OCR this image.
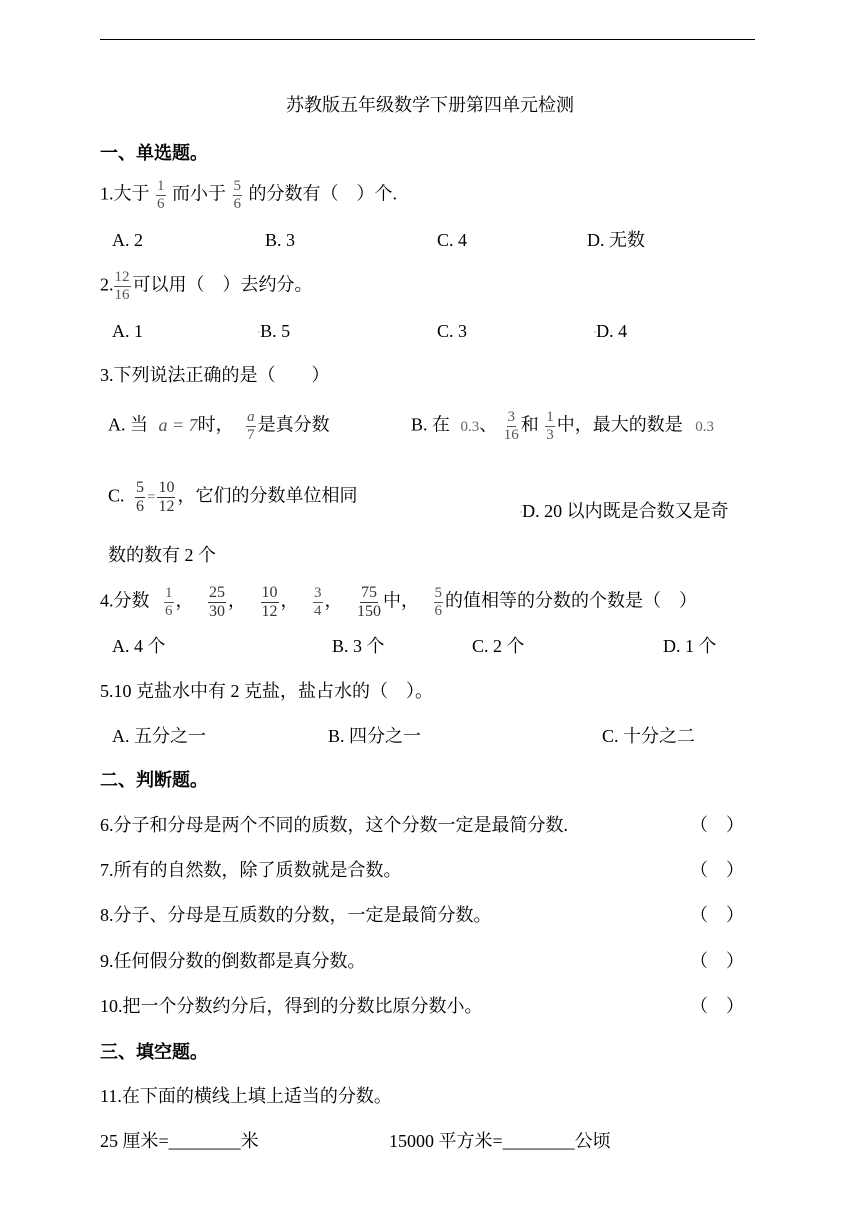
苏教版五年级数学下册第四单元检测
一、单选题。
1.大于 $\frac{1}{6}$ 而小于 $\frac{5}{6}$ 的分数有（　）个.
A. 2	B. 3	C. 4	D. 无数
2. $\frac{12}{16}$ 可以用（　）去约分。
A. 1	▫B. 5	C. 3	▫D. 4
3.下列说法正确的是（　　）
A. 当 a = 7时， $\frac{a}{7}$ 是真分数	B. 在 0.3、 $\frac{3}{16}$ 和 $\frac{1}{3}$ 中，最大的数是 0.3
C. $\frac{5}{6} = \frac{10}{12}$ ，它们的分数单位相同
▫D. 20 以内既是合数又是奇
数的数有 2 个
4.分数 $\frac{1}{6}$ ， $\frac{25}{30}$ ， $\frac{10}{12}$ ， $\frac{3}{4}$ ， $\frac{75}{150}$ 中， $\frac{5}{6}$ 的值相等的分数的个数是（　）
A. 4 个	B. 3 个	C. 2 个	D. 1 个
5.10 克盐水中有 2 克盐，盐占水的（　）。
A. 五分之一	B. 四分之一	C. 十分之二
二、判断题。
6.分子和分母是两个不同的质数，这个分数一定是最简分数.	（　）
7.所有的自然数，除了质数就是合数。	（　）
8.分子、分母是互质数的分数，一定是最简分数。	（　）
9.任何假分数的倒数都是真分数。	（　）
10.把一个分数约分后，得到的分数比原分数小。	（　）
三、填空题。
11.在下面的横线上填上适当的分数。
25 厘米=________米	15000 平方米=________公顷
